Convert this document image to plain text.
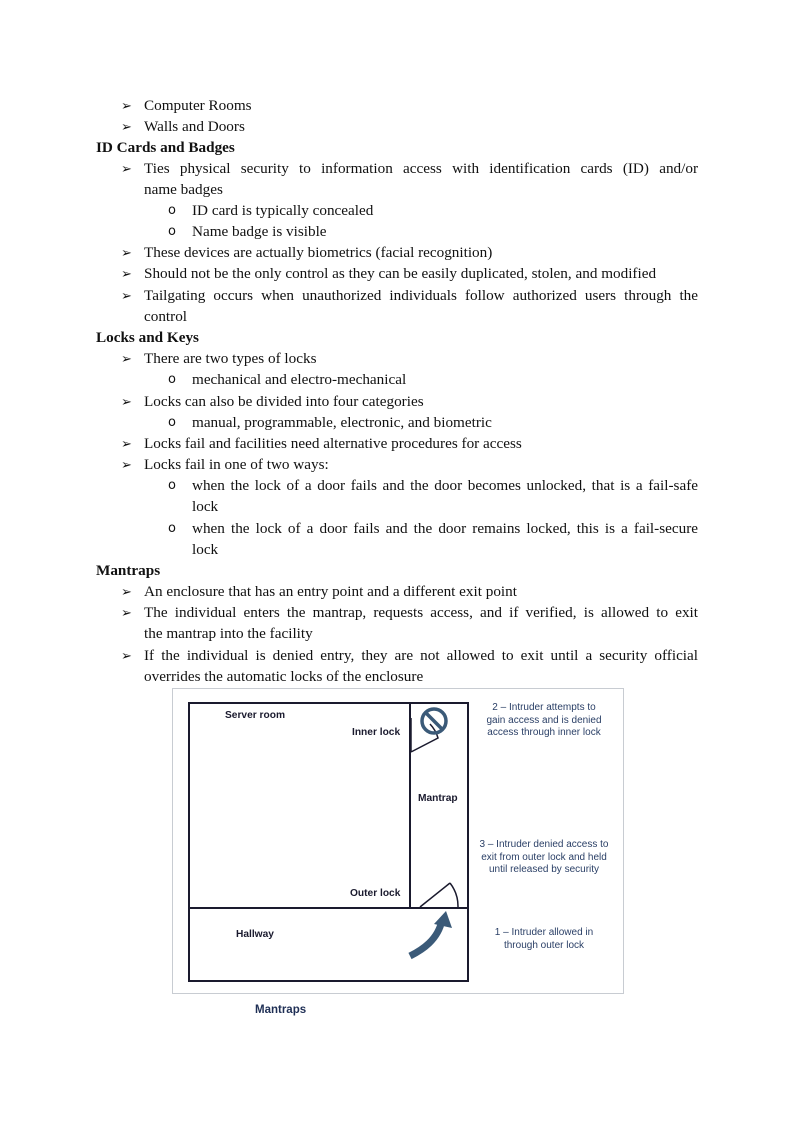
➢ Computer Rooms
➢ Walls and Doors
ID Cards and Badges
➢ Ties physical security to information access with identification cards (ID) and/or
name badges
o ID card is typically concealed
o Name badge is visible
➢ These devices are actually biometrics (facial recognition)
➢ Should not be the only control as they can be easily duplicated, stolen, and modified
➢ Tailgating occurs when unauthorized individuals follow authorized users through the
control
Locks and Keys
➢ There are two types of locks
o mechanical and electro-mechanical
➢ Locks can also be divided into four categories
o manual, programmable, electronic, and biometric
➢ Locks fail and facilities need alternative procedures for access
➢ Locks fail in one of two ways:
o when the lock of a door fails and the door becomes unlocked, that is a fail-safe
lock
o when the lock of a door fails and the door remains locked, this is a fail-secure
lock
Mantraps
➢ An enclosure that has an entry point and a different exit point
➢ The individual enters the mantrap, requests access, and if verified, is allowed to exit
the mantrap into the facility
➢ If the individual is denied entry, they are not allowed to exit until a security official
overrides the automatic locks of the enclosure
Server room
Inner lock
Mantrap
Outer lock
Hallway
2 – Intruder attempts to
gain access and is denied
access through inner lock
3 – Intruder denied access to
exit from outer lock and held
until released by security
1 – Intruder allowed in
through outer lock
Mantraps
